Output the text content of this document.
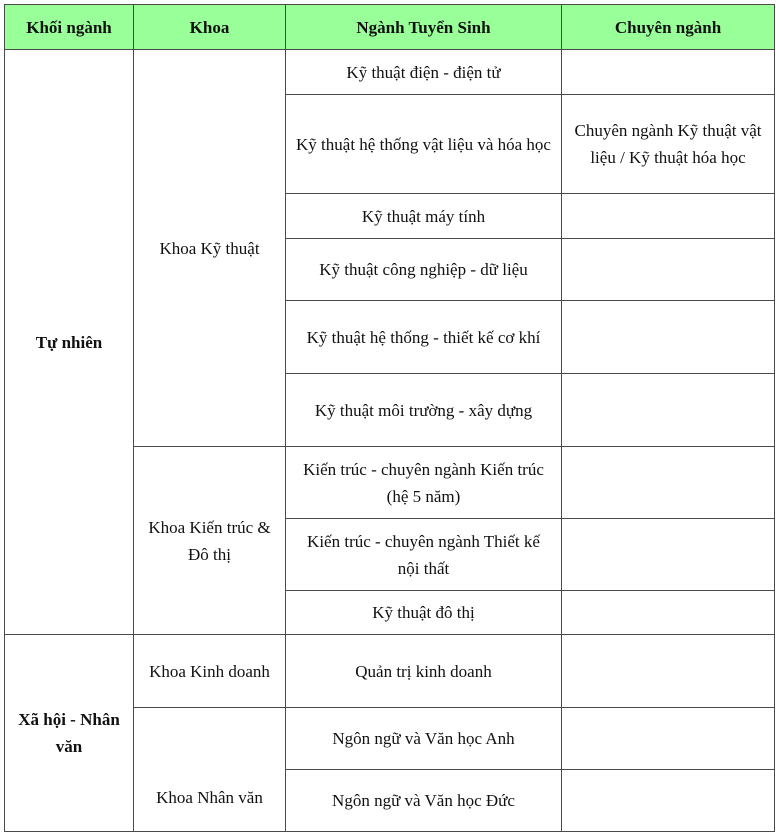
Khối ngành	Khoa	Ngành Tuyển Sinh	Chuyên ngành
Tự nhiên	Khoa Kỹ thuật	Kỹ thuật điện - điện tử	
		Kỹ thuật hệ thống vật liệu và hóa học	Chuyên ngành Kỹ thuật vật liệu / Kỹ thuật hóa học
		Kỹ thuật máy tính	
		Kỹ thuật công nghiệp - dữ liệu	
		Kỹ thuật hệ thống - thiết kế cơ khí	
		Kỹ thuật môi trường - xây dựng	
	Khoa Kiến trúc & Đô thị	Kiến trúc - chuyên ngành Kiến trúc (hệ 5 năm)	
		Kiến trúc - chuyên ngành Thiết kế nội thất	
		Kỹ thuật đô thị	
Xã hội - Nhân văn	Khoa Kinh doanh	Quản trị kinh doanh	
	Khoa Nhân văn	Ngôn ngữ và Văn học Anh	
		Ngôn ngữ và Văn học Đức	
